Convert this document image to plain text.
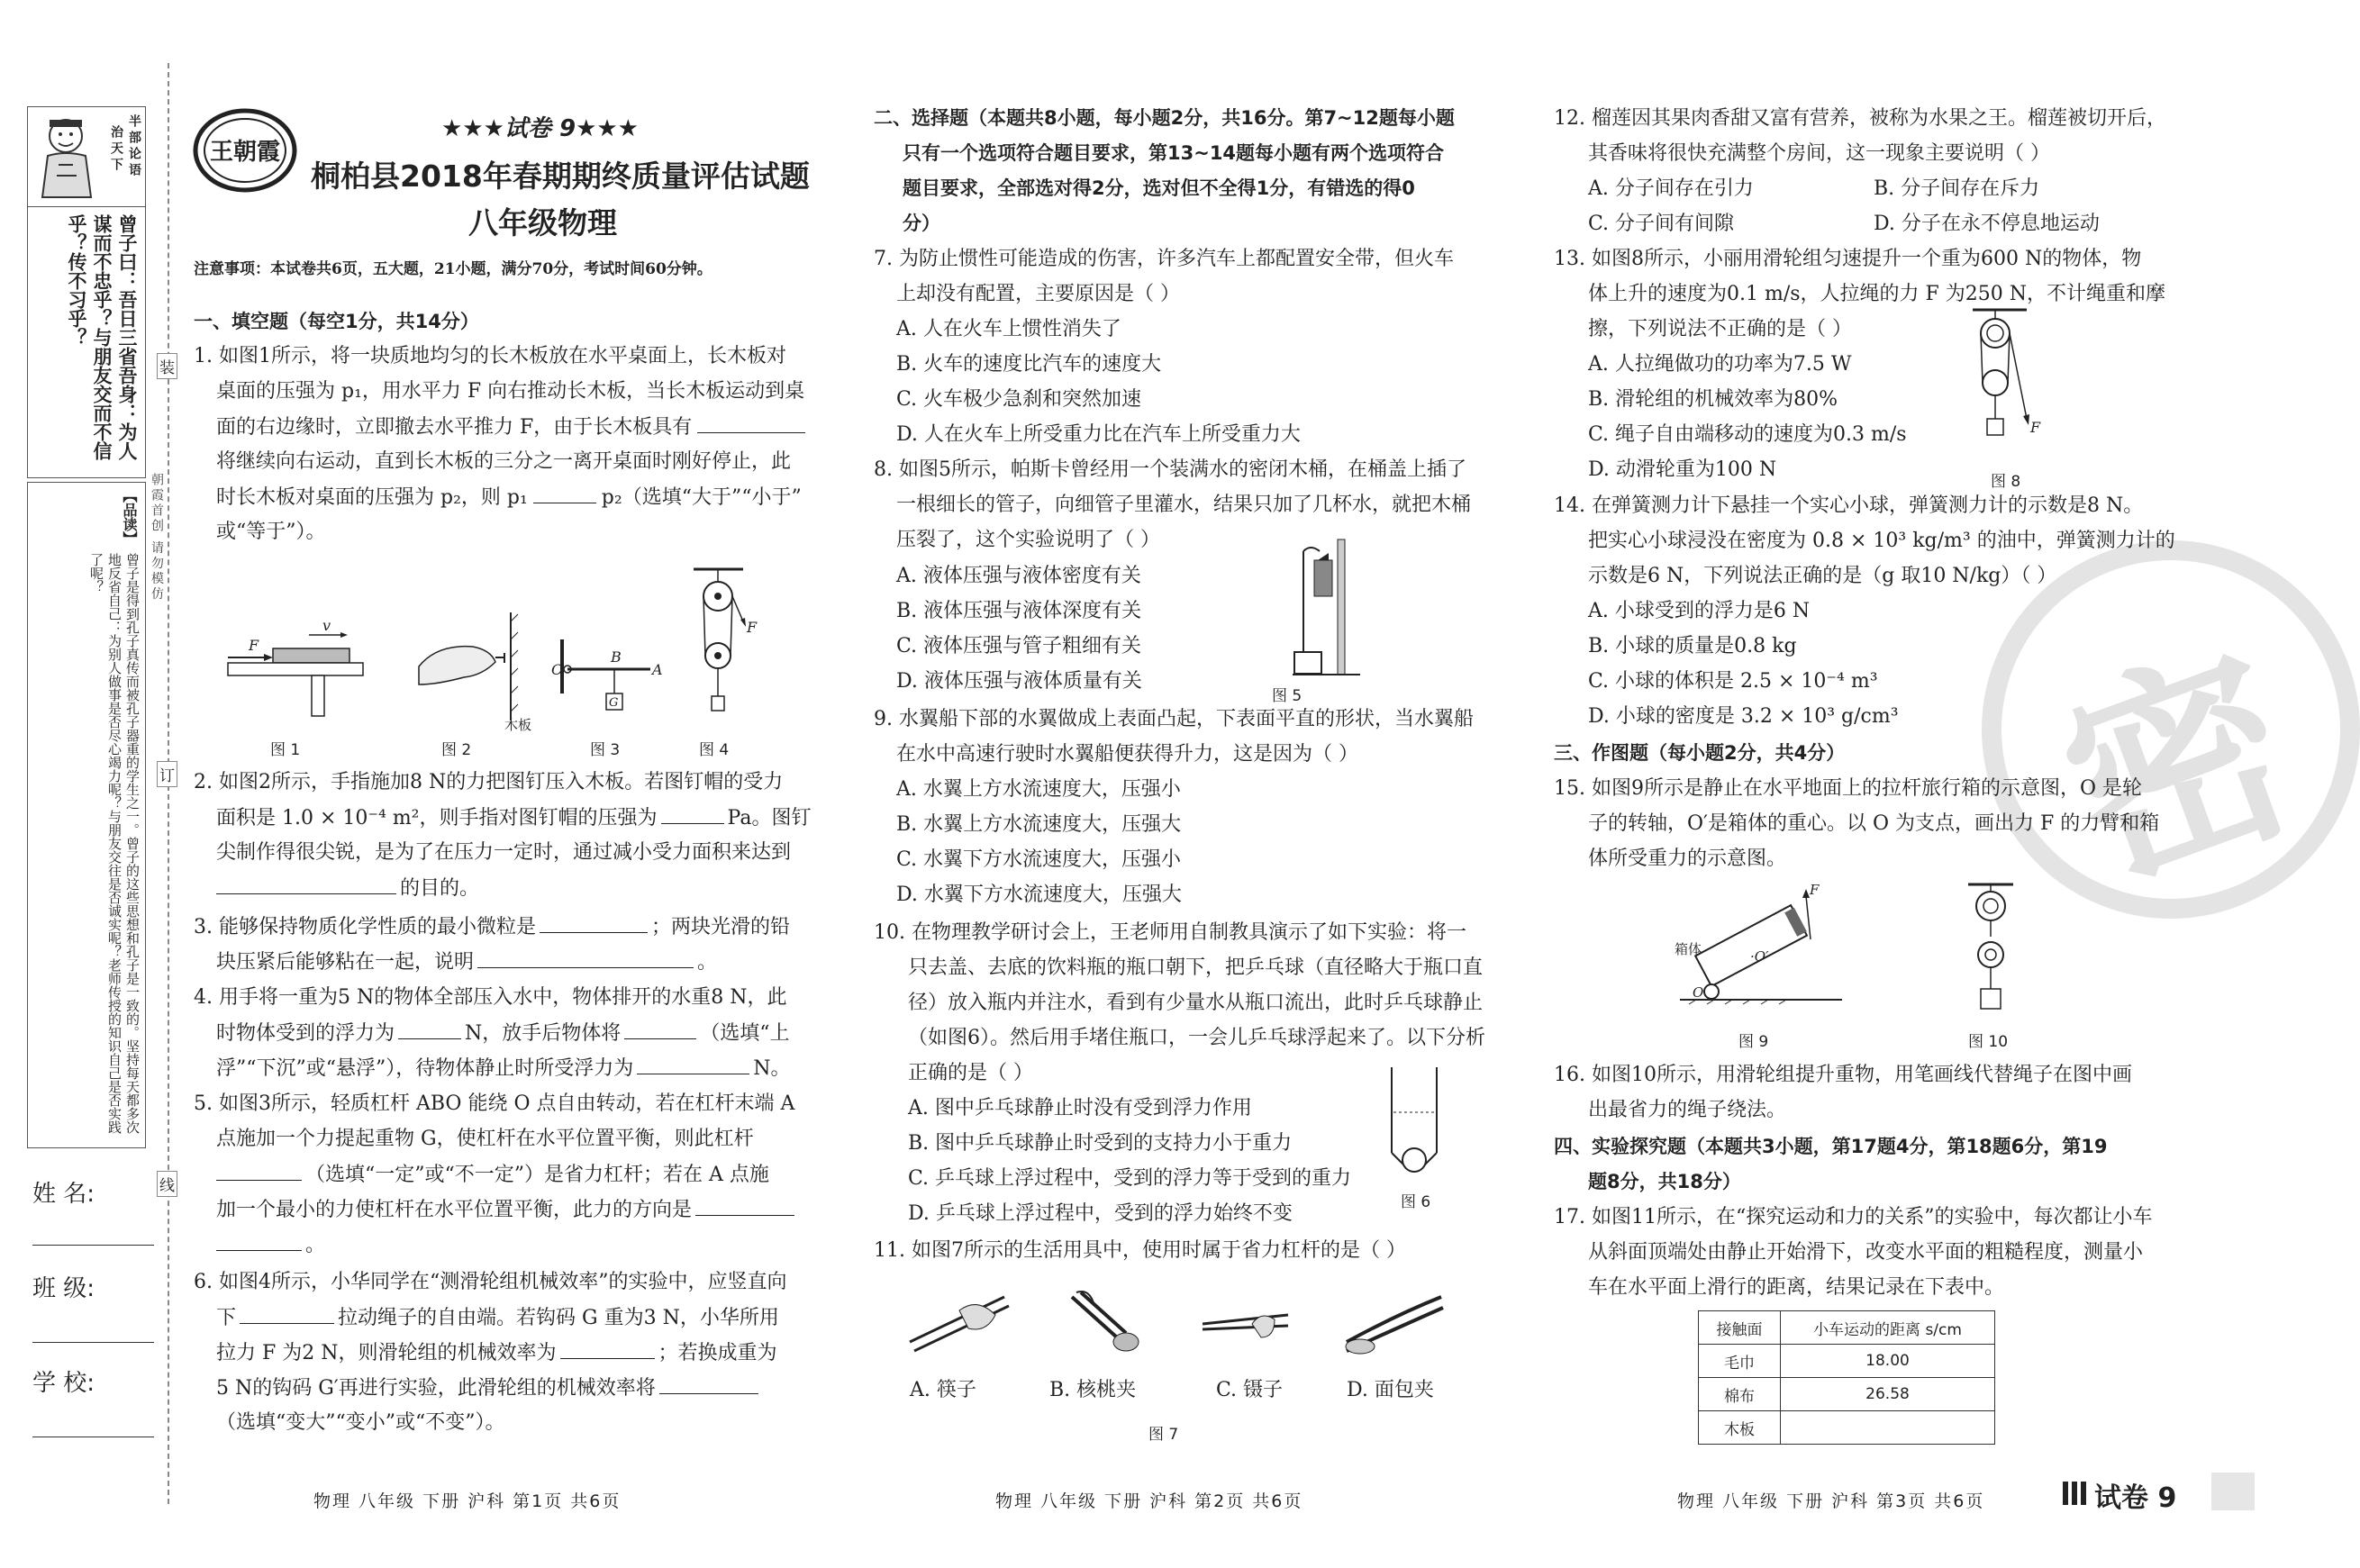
半部论语
治天下
曾子曰：吾日三省吾身：为人谋而不忠乎？与朋友交而不信乎？传不习乎？
【品读】
曾子是得到孔子真传而被孔子器重的学生之一。曾子的这些思想和孔子是一致的。坚持每天都多次地反省自己：为别人做事是否尽心竭力呢？与朋友交往是否诚实呢？老师传授的知识自己是否实践了呢？	朝霞首创 请勿模仿
姓 名:
班 级:
学 校:
装
订
线
王朝霞
★★★试卷 9★★★
桐柏县2018年春期期终质量评估试题
八年级物理
注意事项：本试卷共6页，五大题，21小题，满分70分，考试时间60分钟。
一、填空题（每空1分，共14分）
1. 如图1所示，将一块质地均匀的长木板放在水平桌面上，长木板对
桌面的压强为 p₁，用水平力 F 向右推动长木板，当长木板运动到桌
面的右边缘时，立即撤去水平推力 F，由于长木板具有
将继续向右运动，直到长木板的三分之一离开桌面时刚好停止，此
时长木板对桌面的压强为 p₂，则 p₁	p₂（选填“大于”“小于”
或“等于”）。
F
v
木板
O
B
A
G
F
图 1	图 2	图 3	图 4
2. 如图2所示，手指施加8 N的力把图钉压入木板。若图钉帽的受力
面积是 1.0 × 10⁻⁴ m²，则手指对图钉帽的压强为	Pa。图钉
尖制作得很尖锐，是为了在压力一定时，通过减小受力面积来达到
的目的。
3. 能够保持物质化学性质的最小微粒是	；两块光滑的铅
块压紧后能够粘在一起，说明	。
4. 用手将一重为5 N的物体全部压入水中，物体排开的水重8 N，此
时物体受到的浮力为	N，放手后物体将	（选填“上
浮”“下沉”或“悬浮”），待物体静止时所受浮力为	N。
5. 如图3所示，轻质杠杆 ABO 能绕 O 点自由转动，若在杠杆末端 A
点施加一个力提起重物 G，使杠杆在水平位置平衡，则此杠杆
（选填“一定”或“不一定”）是省力杠杆；若在 A 点施
加一个最小的力使杠杆在水平位置平衡，此力的方向是
。
6. 如图4所示，小华同学在“测滑轮组机械效率”的实验中，应竖直向
下	拉动绳子的自由端。若钩码 G 重为3 N，小华所用
拉力 F 为2 N，则滑轮组的机械效率为	；若换成重为
5 N的钩码 G′再进行实验，此滑轮组的机械效率将
（选填“变大”“变小”或“不变”）。
物理 八年级 下册 沪科 第1页 共6页
二、选择题（本题共8小题，每小题2分，共16分。第7~12题每小题
只有一个选项符合题目要求，第13~14题每小题有两个选项符合
题目要求，全部选对得2分，选对但不全得1分，有错选的得0
分）
7. 为防止惯性可能造成的伤害，许多汽车上都配置安全带，但火车
上却没有配置，主要原因是（ ）
A. 人在火车上惯性消失了
B. 火车的速度比汽车的速度大
C. 火车极少急刹和突然加速
D. 人在火车上所受重力比在汽车上所受重力大
8. 如图5所示，帕斯卡曾经用一个装满水的密闭木桶，在桶盖上插了
一根细长的管子，向细管子里灌水，结果只加了几杯水，就把木桶
压裂了，这个实验说明了（ ）
A. 液体压强与液体密度有关
B. 液体压强与液体深度有关
C. 液体压强与管子粗细有关
D. 液体压强与液体质量有关
图 5
9. 水翼船下部的水翼做成上表面凸起，下表面平直的形状，当水翼船
在水中高速行驶时水翼船便获得升力，这是因为（ ）
A. 水翼上方水流速度大，压强小
B. 水翼上方水流速度大，压强大
C. 水翼下方水流速度大，压强小
D. 水翼下方水流速度大，压强大
10. 在物理教学研讨会上，王老师用自制教具演示了如下实验：将一
只去盖、去底的饮料瓶的瓶口朝下，把乒乓球（直径略大于瓶口直
径）放入瓶内并注水，看到有少量水从瓶口流出，此时乒乓球静止
（如图6）。然后用手堵住瓶口，一会儿乒乓球浮起来了。以下分析
正确的是（ ）
A. 图中乒乓球静止时没有受到浮力作用
B. 图中乒乓球静止时受到的支持力小于重力
C. 乒乓球上浮过程中，受到的浮力等于受到的重力
D. 乒乓球上浮过程中，受到的浮力始终不变	图 6
11. 如图7所示的生活用具中，使用时属于省力杠杆的是（ ）
A. 筷子	B. 核桃夹	C. 镊子	D. 面包夹
图 7
物理 八年级 下册 沪科 第2页 共6页
密
12. 榴莲因其果肉香甜又富有营养，被称为水果之王。榴莲被切开后，
其香味将很快充满整个房间，这一现象主要说明（ ）
A. 分子间存在引力	B. 分子间存在斥力
C. 分子间有间隙	D. 分子在永不停息地运动
13. 如图8所示，小丽用滑轮组匀速提升一个重为600 N的物体，物
体上升的速度为0.1 m/s，人拉绳的力 F 为250 N，不计绳重和摩
擦，下列说法不正确的是（ ）
A. 人拉绳做功的功率为7.5 W
B. 滑轮组的机械效率为80%
C. 绳子自由端移动的速度为0.3 m/s
D. 动滑轮重为100 N
F
图 8
14. 在弹簧测力计下悬挂一个实心小球，弹簧测力计的示数是8 N。
把实心小球浸没在密度为 0.8 × 10³ kg/m³ 的油中，弹簧测力计的
示数是6 N，下列说法正确的是（g 取10 N/kg）（ ）
A. 小球受到的浮力是6 N
B. 小球的质量是0.8 kg
C. 小球的体积是 2.5 × 10⁻⁴ m³
D. 小球的密度是 3.2 × 10³ g/cm³
三、作图题（每小题2分，共4分）
15. 如图9所示是静止在水平地面上的拉杆旅行箱的示意图，O 是轮
子的转轴，O′是箱体的重心。以 O 为支点，画出力 F 的力臂和箱
体所受重力的示意图。
F
箱体	·O′
O
图 9	图 10
16. 如图10所示，用滑轮组提升重物，用笔画线代替绳子在图中画
出最省力的绳子绕法。
四、实验探究题（本题共3小题，第17题4分，第18题6分，第19
题8分，共18分）
17. 如图11所示，在“探究运动和力的关系”的实验中，每次都让小车
从斜面顶端处由静止开始滑下，改变水平面的粗糙程度，测量小
车在水平面上滑行的距离，结果记录在下表中。
接触面	小车运动的距离 s/cm
毛巾	18.00
棉布	26.58
木板	
物理 八年级 下册 沪科 第3页 共6页	试卷 9
